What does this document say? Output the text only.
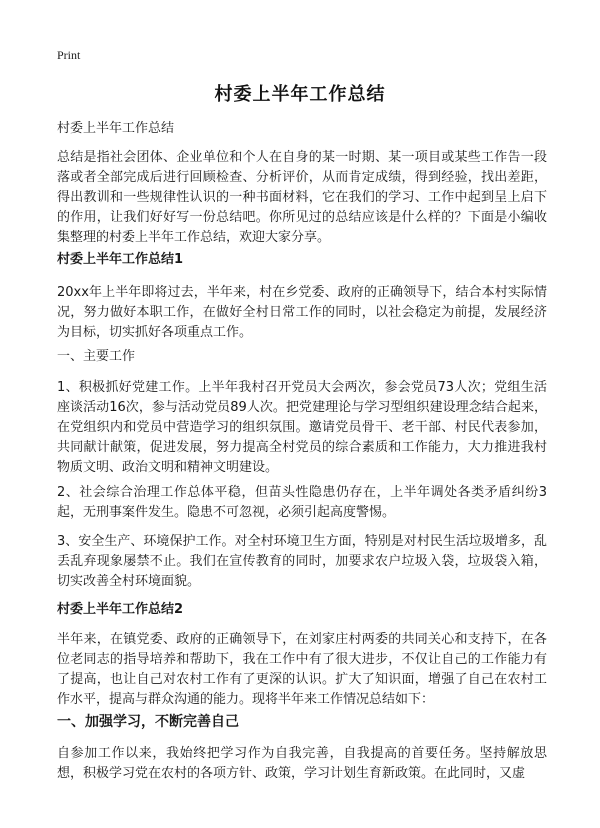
Print
村委上半年工作总结
村委上半年工作总结
总结是指社会团体、企业单位和个人在自身的某一时期、某一项目或某些工作告一段落或者全部完成后进行回顾检查、分析评价，从而肯定成绩，得到经验，找出差距，得出教训和一些规律性认识的一种书面材料，它在我们的学习、工作中起到呈上启下的作用，让我们好好写一份总结吧。你所见过的总结应该是什么样的？下面是小编收集整理的村委上半年工作总结，欢迎大家分享。
村委上半年工作总结1
20xx年上半年即将过去，半年来，村在乡党委、政府的正确领导下，结合本村实际情况，努力做好本职工作，在做好全村日常工作的同时，以社会稳定为前提，发展经济为目标，切实抓好各项重点工作。
一、主要工作
1、积极抓好党建工作。上半年我村召开党员大会两次，参会党员73人次；党组生活座谈活动16次，参与活动党员89人次。把党建理论与学习型组织建设理念结合起来，在党组织内和党员中营造学习的组织氛围。邀请党员骨干、老干部、村民代表参加，共同献计献策，促进发展，努力提高全村党员的综合素质和工作能力，大力推进我村物质文明、政治文明和精神文明建设。
2、社会综合治理工作总体平稳，但苗头性隐患仍存在，上半年调处各类矛盾纠纷3起，无刑事案件发生。隐患不可忽视，必须引起高度警惕。
3、安全生产、环境保护工作。对全村环境卫生方面，特别是对村民生活垃圾增多，乱丢乱弃现象屡禁不止。我们在宣传教育的同时，加要求农户垃圾入袋，垃圾袋入箱，切实改善全村环境面貌。
村委上半年工作总结2
半年来，在镇党委、政府的正确领导下，在刘家庄村两委的共同关心和支持下，在各位老同志的指导培养和帮助下，我在工作中有了很大进步，不仅让自己的工作能力有了提高，也让自己对农村工作有了更深的认识。扩大了知识面，增强了自己在农村工作水平，提高与群众沟通的能力。现将半年来工作情况总结如下：
一、加强学习，不断完善自己
自参加工作以来，我始终把学习作为自我完善，自我提高的首要任务。坚持解放思想，积极学习党在农村的各项方针、政策，学习计划生育新政策。在此同时，又虚
